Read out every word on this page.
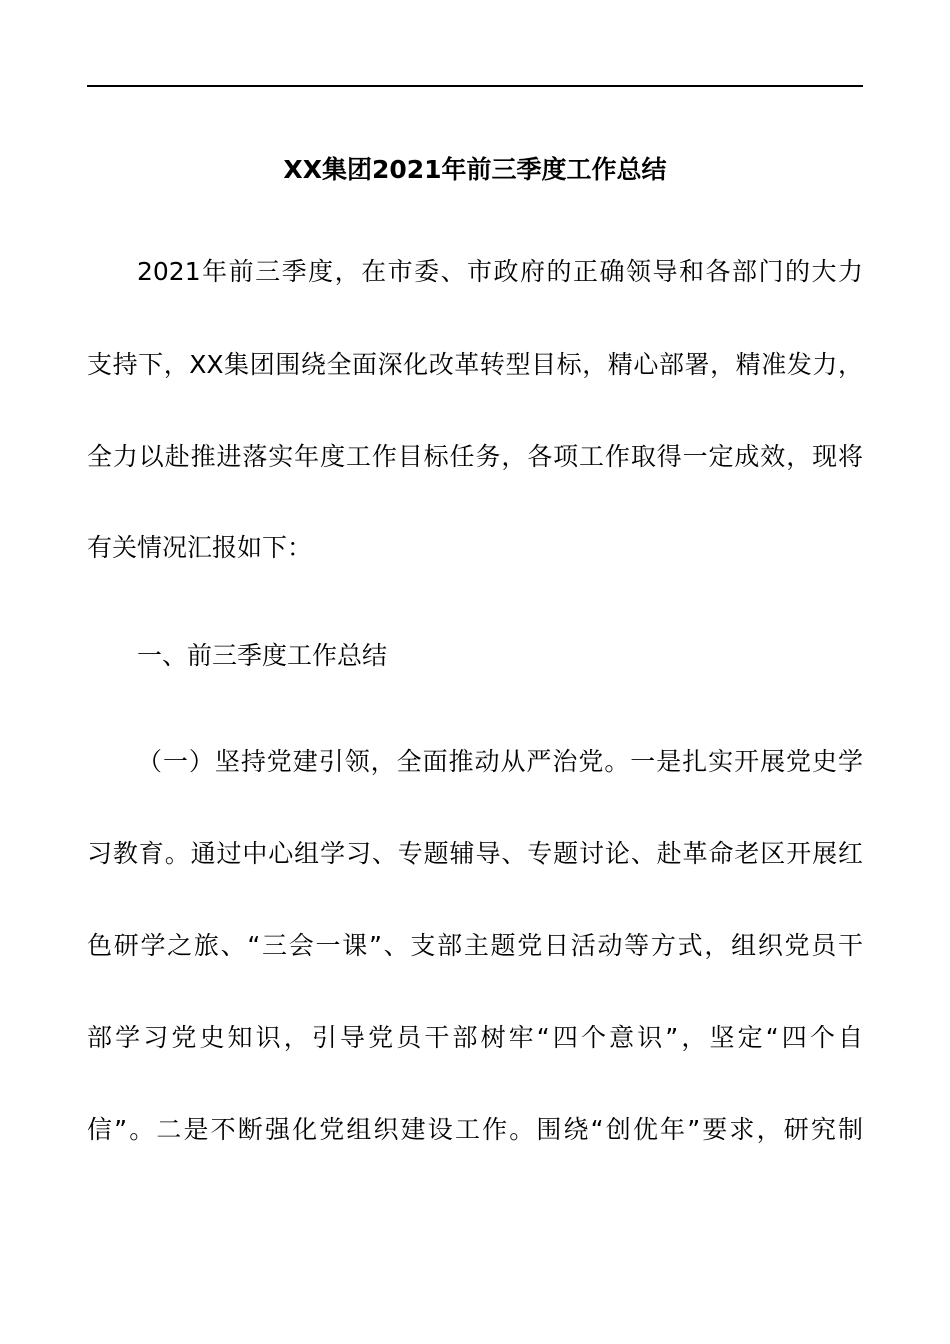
XX集团2021年前三季度工作总结
2021年前三季度，在市委、市政府的正确领导和各部门的大力
支持下，XX集团围绕全面深化改革转型目标，精心部署，精准发力，
全力以赴推进落实年度工作目标任务，各项工作取得一定成效，现将
有关情况汇报如下：
一、前三季度工作总结
（一）坚持党建引领，全面推动从严治党。一是扎实开展党史学
习教育。通过中心组学习、专题辅导、专题讨论、赴革命老区开展红
色研学之旅、“三会一课”、支部主题党日活动等方式，组织党员干
部学习党史知识，引导党员干部树牢“四个意识”，坚定“四个自
信”。二是不断强化党组织建设工作。围绕“创优年”要求，研究制
